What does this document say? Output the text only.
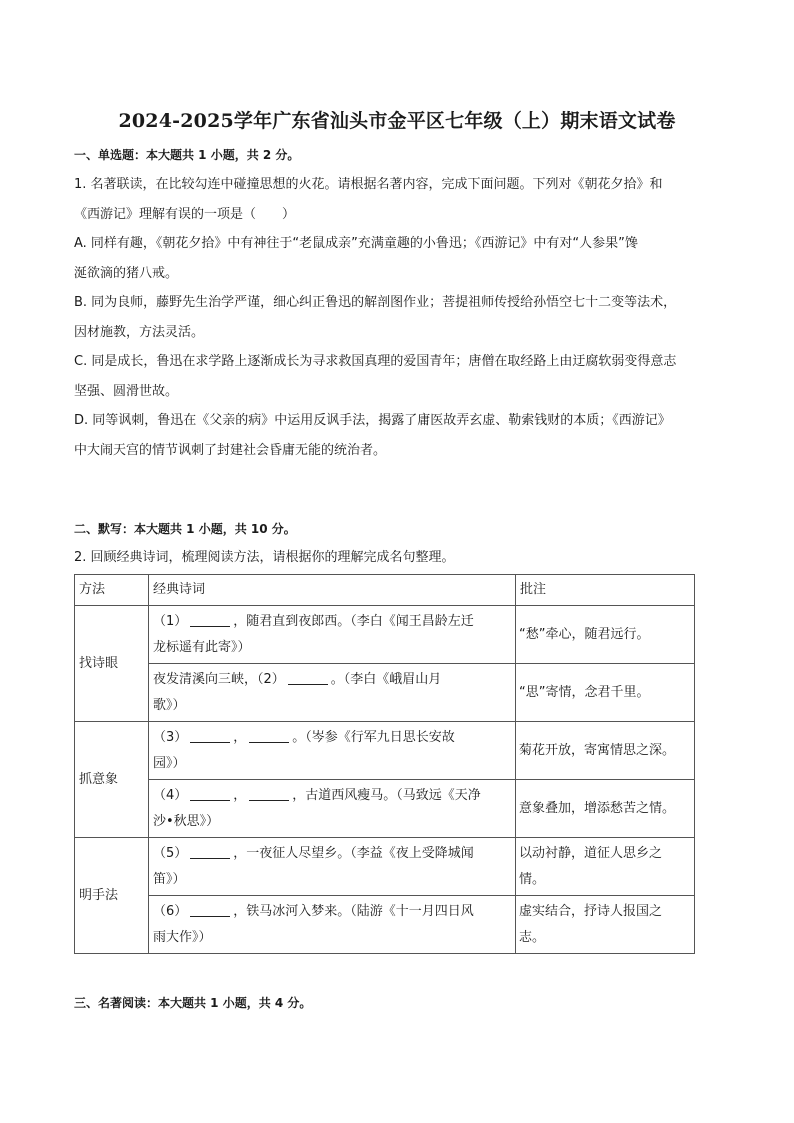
2024-2025学年广东省汕头市金平区七年级（上）期末语文试卷
一、单选题：本大题共 1 小题，共 2 分。
1. 名著联读，在比较勾连中碰撞思想的火花。请根据名著内容，完成下面问题。下列对《朝花夕拾》和
《西游记》理解有误的一项是（　　）
A. 同样有趣，《朝花夕拾》中有神往于“老鼠成亲”充满童趣的小鲁迅；《西游记》中有对“人参果”馋
涎欲滴的猪八戒。
B. 同为良师，藤野先生治学严谨，细心纠正鲁迅的解剖图作业；菩提祖师传授给孙悟空七十二变等法术，
因材施教，方法灵活。
C. 同是成长，鲁迅在求学路上逐渐成长为寻求救国真理的爱国青年；唐僧在取经路上由迂腐软弱变得意志
坚强、圆滑世故。
D. 同等讽刺，鲁迅在《父亲的病》中运用反讽手法，揭露了庸医故弄玄虚、勒索钱财的本质；《西游记》
中大闹天宫的情节讽刺了封建社会昏庸无能的统治者。
二、默写：本大题共 1 小题，共 10 分。
2. 回顾经典诗词，梳理阅读方法，请根据你的理解完成名句整理。
方法	经典诗词	批注
找诗眼	（1） ，随君直到夜郎西。（李白《闻王昌龄左迁
龙标遥有此寄》）	“愁”牵心，随君远行。
	夜发清溪向三峡，（2） 。（李白《峨眉山月
歌》）	“思”寄情，念君千里。
抓意象	（3） ， 。（岑参《行军九日思长安故
园》）	菊花开放，寄寓情思之深。
	（4） ， ，古道西风瘦马。（马致远《天净
沙•秋思》）	意象叠加，增添愁苦之情。
明手法	（5） ，一夜征人尽望乡。（李益《夜上受降城闻
笛》）	以动衬静，道征人思乡之
情。
	（6） ，铁马冰河入梦来。（陆游《十一月四日风
雨大作》）	虚实结合，抒诗人报国之
志。
三、名著阅读：本大题共 1 小题，共 4 分。
